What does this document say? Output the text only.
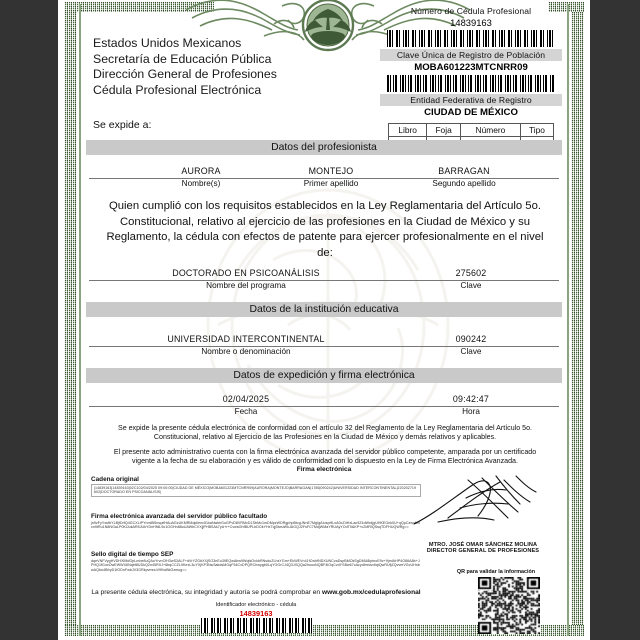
Estados Unidos Mexicanos
Secretaría de Educación Pública
Dirección General de Profesiones
Cédula Profesional Electrónica
Se expide a:
Número de Cédula Profesional
14839163
Clave Única de Registro de Población
MOBA601223MTCNRR09
Entidad Federativa de Registro
CIUDAD DE MÉXICO
Libro	Foja	Número	Tipo

Datos del profesionista
AURORA
Nombre(s)
MONTEJO
Primer apellido
BARRAGAN
Segundo apellido
Quien cumplió con los requisitos establecidos en la Ley Reglamentaria del Artículo 5o. Constitucional, relativo al ejercicio de las profesiones en la Ciudad de México y su Reglamento, la cédula con efectos de patente para ejercer profesionalmente en el nivel de:
DOCTORADO EN PSICOANÁLISIS
Nombre del programa
275602
Clave
Datos de la institución educativa
UNIVERSIDAD INTERCONTINENTAL
Nombre o denominación
090242
Clave
Datos de expedición y firma electrónica
02/04/2025
Fecha
09:42:47
Hora
Se expide la presente cédula electrónica de conformidad con el artículo 32 del Reglamento de la Ley Reglamentaria del Artículo 5o. Constitucional, relativo al Ejercicio de las Profesiones en la Ciudad de México y demás relativos y aplicables.
El presente acto administrativo cuenta con la firma electrónica avanzada del servidor público competente, amparada por un certificado vigente a la fecha de su elaboración y es válido de conformidad con lo dispuesto en la Ley de Firma Electrónica Avanzada.
Firma electrónica
Cadena original
|14839163|14839163|02C102/04/2025 09:00:00|CIUDAD DE MÉXICO|MOBA601223MTCNRR09|AURORA|MONTEJO|BARRAGAN|1786|090242|UNIVERSIDAD INTERCONTINENTAL|220202719602|DOCTORADO EN PSICOANÁLISIS|
Firma electrónica avanzada del servidor público facultado
jn9zFyYxsfbYLBjfDrfQ4GCXLiPYnmlBSmqzfHAuAGzUKMRMqkllenc51kaNwkhGuGPvD8VRMvD1SbMc1mDMpzWDRgphpBtcgJNnE7MgIgAIuspHLxA0cZ4HxLac9Z4dWrdjgUHKEGnk0U+qQpCzwv6mcn9tRu1N8NGaLP0KiJukAR5JUkYDnHNiL9c1GGHn88uUAWbCVXjjPHBSAk7yA+r+CvwsOhfBUPLbDOkYHx7qjStwuWkJAGQJ2FsFC7MdjWMaYRUAyYOdT0&KP+c2MRlQSsqTDFHUQWRg==
Sello digital de tiempo SEP
dqeVNFVygHVDHXlMdOpLmbe8uQAuYrvnCfH3wS3ALF+dVrYZGbXXjSO3nEu39EQwAbw9WqtkOvkbRNsduZLhsYGm+EkWEVn41fCwhfNDXUNCvaDspBMOkSgDMU8lptnoE9z+9jmlAHP4O86A8b+JPHQ1fGuxOwEWWX6Nqbf8UDkQ2n45RXJ+6bqCCZL9KexL3uYXjKP3Nw3akdsMGqF54CxDPQRChwygb0LqYOGrCJ4Q3JXQQa2huuoNQBF4lOqCvdYSBw67cAcydlmtuvdIqtQwRUfjZQvvmVGcUHnbwAQbu4BfryD1fGDnFwbJV3GRkpvmnuV9KwBkGzmug==
MTRO. JOSÉ OMAR SÁNCHEZ MOLINA
DIRECTOR GENERAL DE PROFESIONES
La presente cédula electrónica, su integridad y autoría se podrá comprobar en www.gob.mx/cedulaprofesional
Identificador electrónico - cédula
14839163
QR para validar la información
